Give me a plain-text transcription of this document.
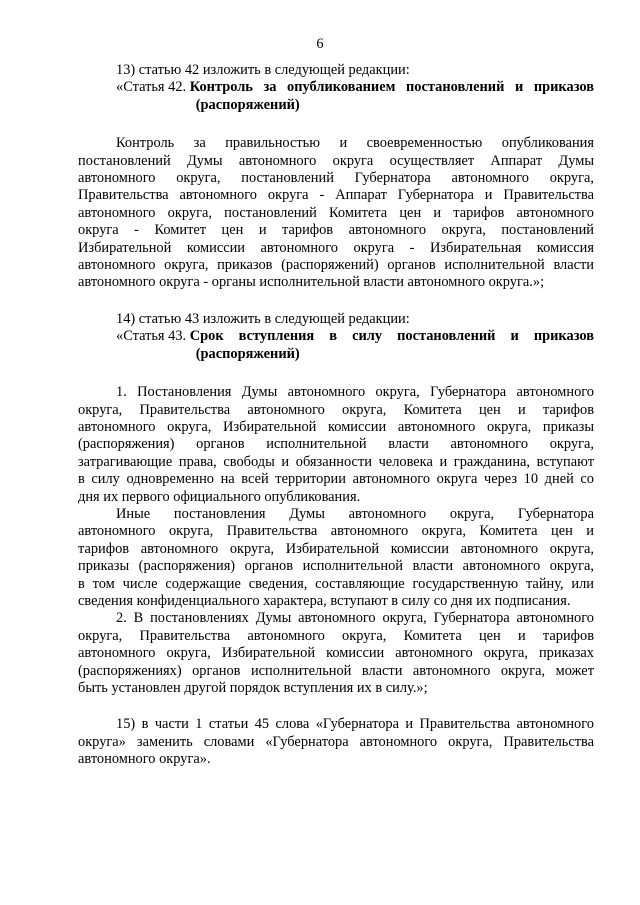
6

13) статью 42 изложить в следующей редакции:

«Статья 42. Контроль за опубликованием постановлений и приказов
(распоряжений)

Контроль за правильностью и своевременностью опубликования

постановлений Думы автономного округа осуществляет Аппарат Думы

автономного округа, постановлений Губернатора автономного округа,

Правительства автономного округа - Аппарат Губернатора и Правительства

автономного округа, постановлений Комитета цен и тарифов автономного

округа - Комитет цен и тарифов автономного округа, постановлений

Избирательной комиссии автономного округа - Избирательная комиссия

автономного округа, приказов (распоряжений) органов исполнительной власти

автономного округа - органы исполнительной власти автономного округа.»;

14) статью 43 изложить в следующей редакции:

«Статья 43. Срок вступления в силу постановлений и приказов
(распоряжений)

1. Постановления Думы автономного округа, Губернатора автономного

округа, Правительства автономного округа, Комитета цен и тарифов

автономного округа, Избирательной комиссии автономного округа, приказы

(распоряжения) органов исполнительной власти автономного округа,

затрагивающие права, свободы и обязанности человека и гражданина, вступают

в силу одновременно на всей территории автономного округа через 10 дней со

дня их первого официального опубликования.

Иные постановления Думы автономного округа, Губернатора

автономного округа, Правительства автономного округа, Комитета цен и

тарифов автономного округа, Избирательной комиссии автономного округа,

приказы (распоряжения) органов исполнительной власти автономного округа,

в том числе содержащие сведения, составляющие государственную тайну, или

сведения конфиденциального характера, вступают в силу со дня их подписания.

2. В постановлениях Думы автономного округа, Губернатора автономного

округа, Правительства автономного округа, Комитета цен и тарифов

автономного округа, Избирательной комиссии автономного округа, приказах

(распоряжениях) органов исполнительной власти автономного округа, может

быть установлен другой порядок вступления их в силу.»;

15) в части 1 статьи 45 слова «Губернатора и Правительства автономного

округа» заменить словами «Губернатора автономного округа, Правительства

автономного округа».
